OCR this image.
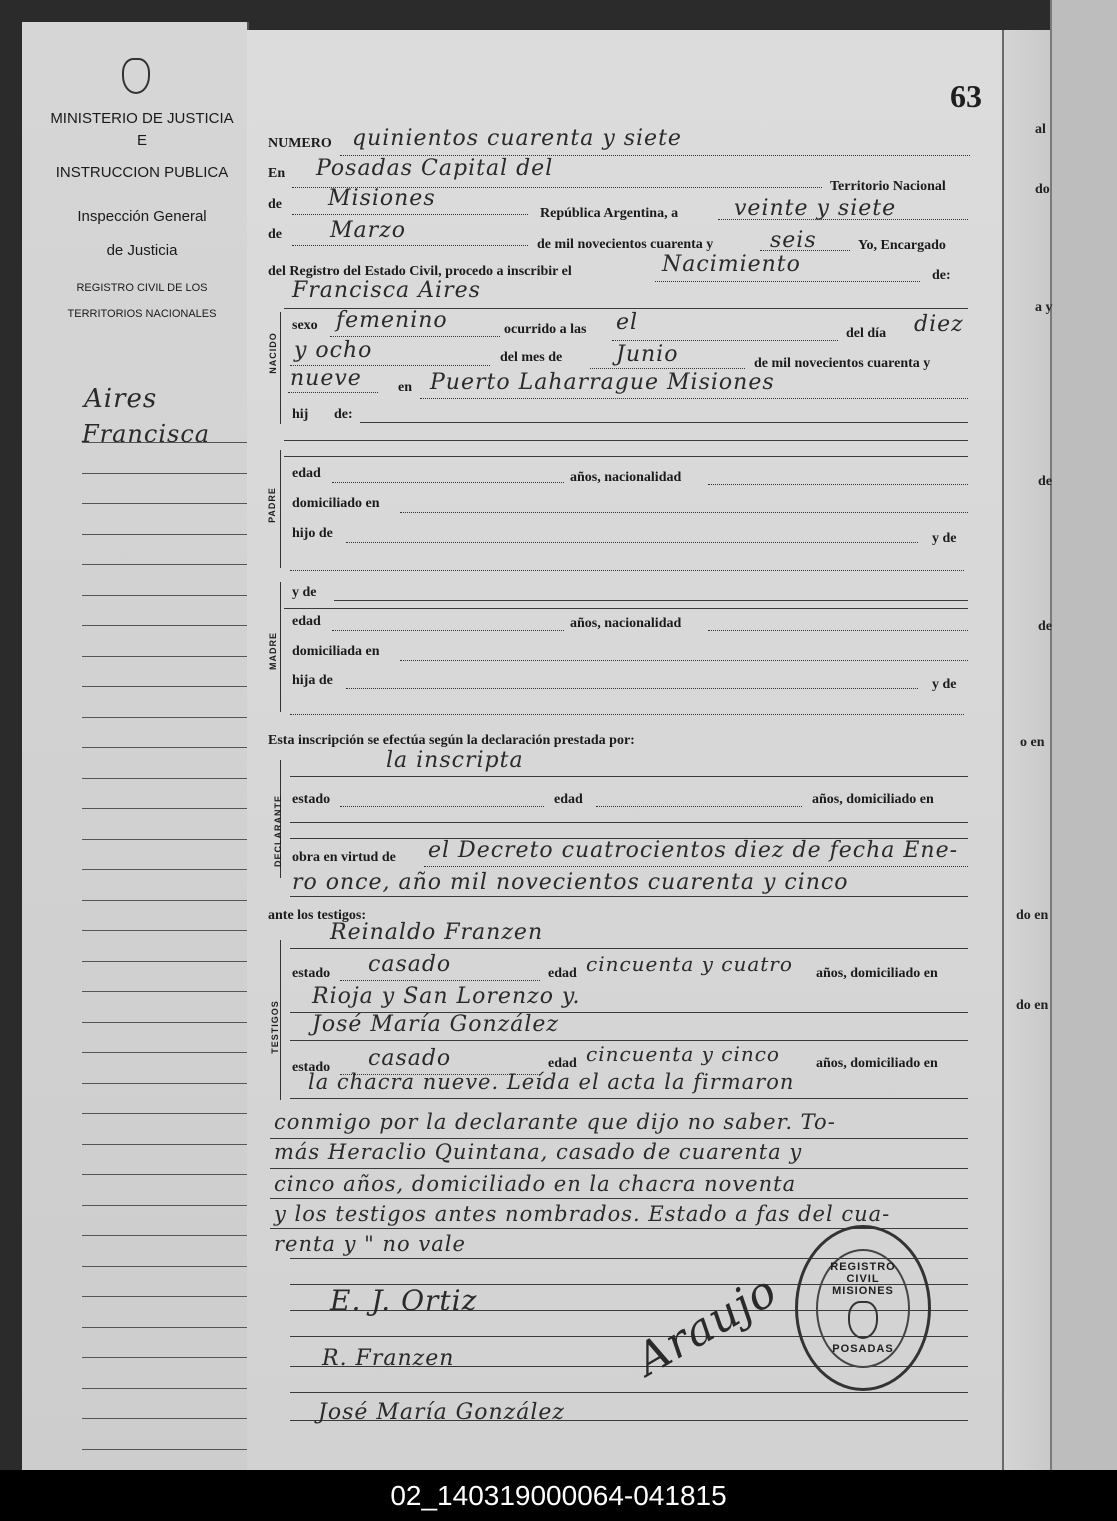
al
do
a y
de
de
o en
do en
do en
MINISTERIO DE JUSTICIA
E
INSTRUCCION PUBLICA
Inspección General
de Justicia
REGISTRO CIVIL DE LOS
TERRITORIOS NACIONALES
Aires
Francisca
63
NUMERO quinientos cuarenta y siete
En Posadas Capital del
Territorio Nacional
de Misiones
República Argentina, a	veinte y siete
de Marzo
de mil novecientos cuarenta y	seis	Yo, Encargado
del Registro del Estado Civil, procedo a inscribir el	Nacimiento	de:
Francisca Aires
NACIDO
sexo femenino	ocurrido a las el	del día diez
y ocho	del mes de Junio	de mil novecientos cuarenta y
nueve	en Puerto Laharrague Misiones
hij de:
PADRE
edad	años, nacionalidad
domiciliado en
hijo de	y de
MADRE
y de
edad	años, nacionalidad
domiciliada en
hija de	y de
Esta inscripción se efectúa según la declaración prestada por:
DECLARANTE
la inscripta
estado	edad	años, domiciliado en
obra en virtud de el Decreto cuatrocientos diez de fecha Ene-
ro once, año mil novecientos cuarenta y cinco
ante los testigos:
TESTIGOS
Reinaldo Franzen
estado casado	edad cincuenta y cuatro años, domiciliado en
Rioja y San Lorenzo y.
José María González
estado casado	edad cincuenta y cinco	años, domiciliado en
la chacra nueve. Leída el acta la firmaron
conmigo por la declarante que dijo no saber. To-
más Heraclio Quintana, casado de cuarenta y
cinco años, domiciliado en la chacra noventa
y los testigos antes nombrados. Estado a fas del cua-
renta y " no vale
E. J. Ortiz
R. Franzen
José María González
Araujo	REGISTRO CIVIL MISIONES
POSADAS
02_140319000064-041815
